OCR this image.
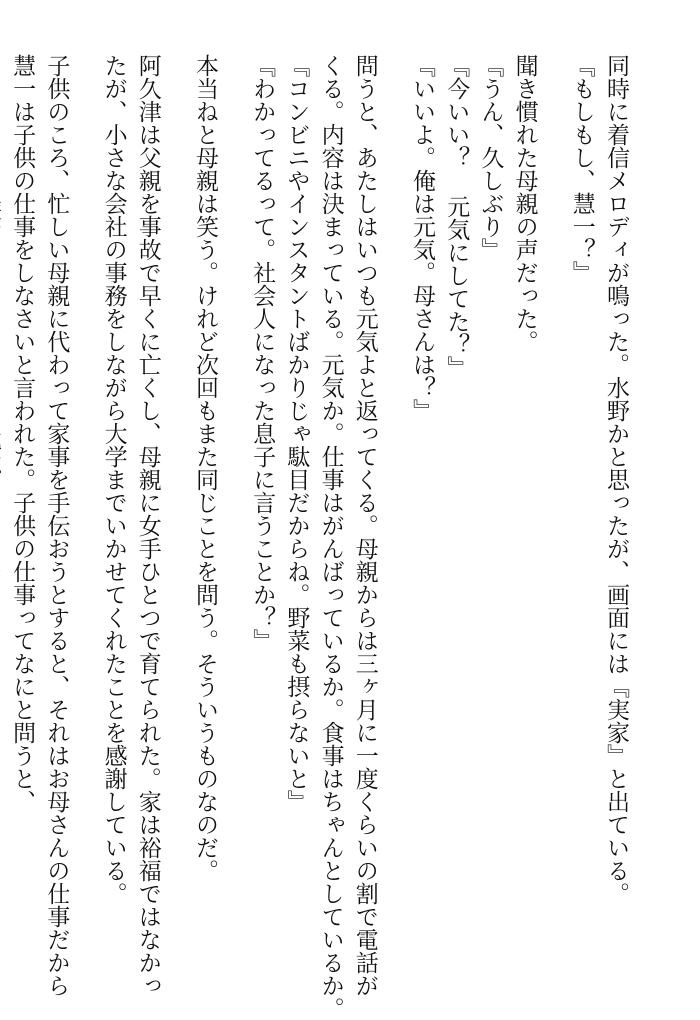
同時に着信メロディが鳴った。水野かと思ったが、画面には『実家』と出ている。
『もしもし、慧一？』
聞き慣れた母親の声だった。
『うん、久しぶり』
『今いい？ 元気にしてた？』
『いいよ。俺は元気。母さんは？』
問うと、あたしはいつも元気よと返ってくる。母親からは三ヶ月に一度くらいの割で電話が
くる。内容は決まっている。元気か。仕事はがんばっているか。食事はちゃんとしているか。
『コンビニやインスタントばかりじゃ駄目だからね。野菜も摂らないと』
『わかってるって。社会人になった息子に言うことか？』
本当ねと母親は笑う。けれど次回もまた同じことを問う。そういうものなのだ。
阿久津は父親を事故で早くに亡くし、母親に女手ひとつで育てられた。家は裕福ではなかっ
たが、小さな会社の事務をしながら大学までいかせてくれたことを感謝している。
子供のころ、忙しい母親に代わって家事を手伝おうとすると、それはお母さんの仕事だから
慧一は子供の仕事をしなさいと言われた。子供の仕事ってなにと問うと、
